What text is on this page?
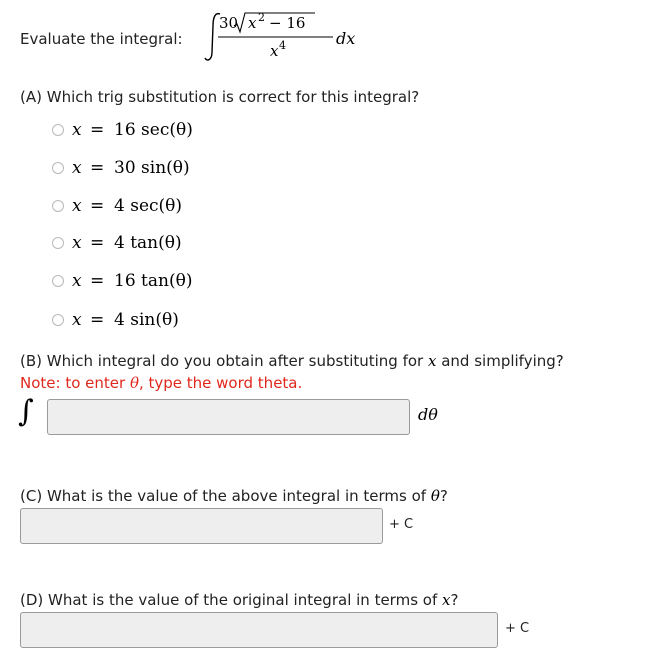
Evaluate the integral:
30 x 2 − 16
x 4	dx
(A) Which trig substitution is correct for this integral?
x = 16 sec(θ)
x = 30 sin(θ)
x = 4 sec(θ)
x = 4 tan(θ)
x = 16 tan(θ)
x = 4 sin(θ)
(B) Which integral do you obtain after substituting for x and simplifying?
Note: to enter θ, type the word theta.
∫	dθ
(C) What is the value of the above integral in terms of θ?
+ C
(D) What is the value of the original integral in terms of x?
+ C
